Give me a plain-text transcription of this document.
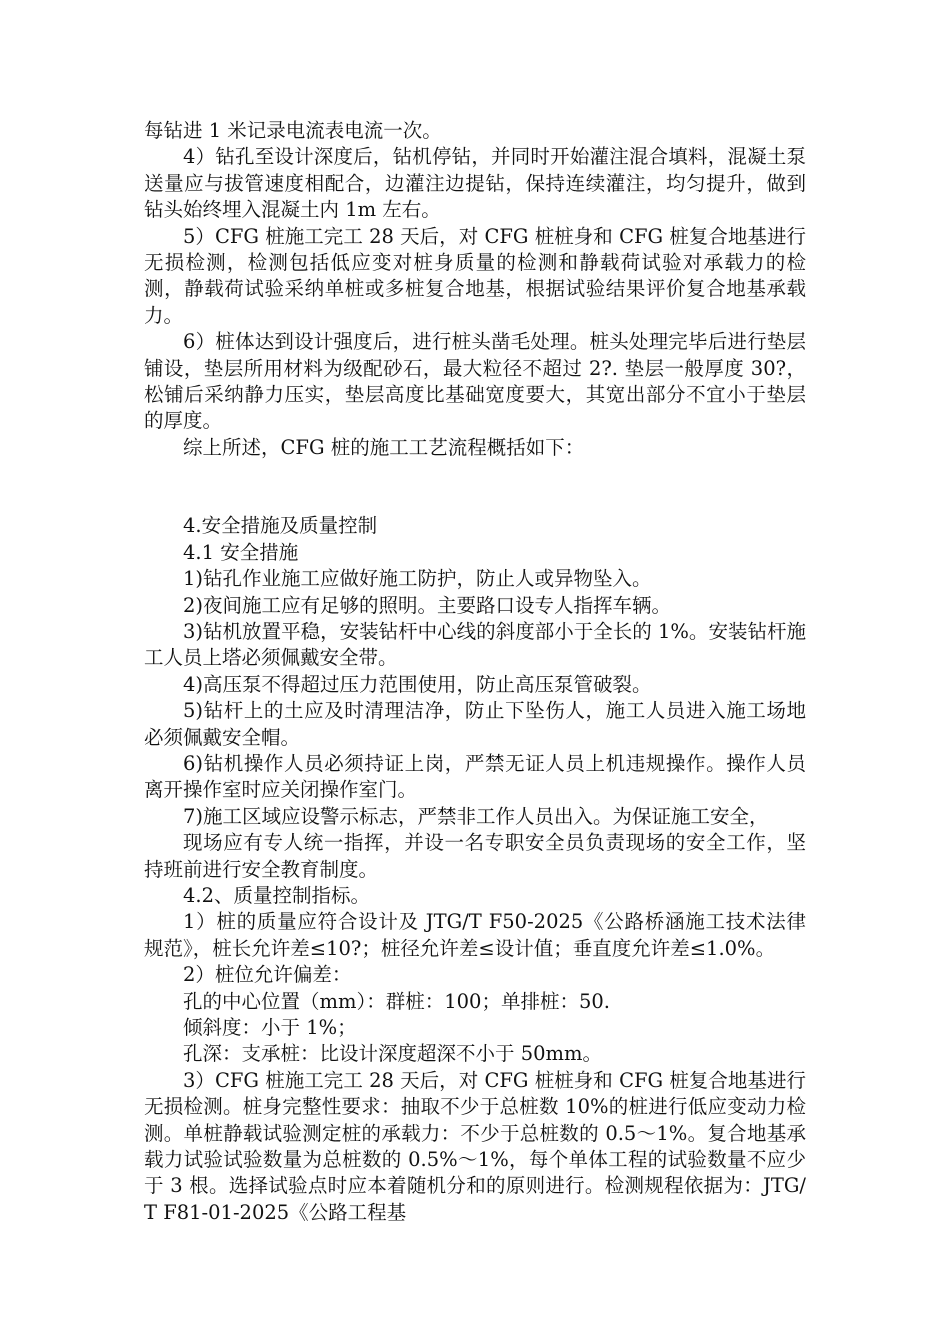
每钻进 1 米记录电流表电流一次。

4）钻孔至设计深度后，钻机停钻，并同时开始灌注混合填料，混凝土泵送量应与拔管速度相配合，边灌注边提钻，保持连续灌注，均匀提升，做到钻头始终埋入混凝土内 1m 左右。

5）CFG 桩施工完工 28 天后，对 CFG 桩桩身和 CFG 桩复合地基进行无损检测，检测包括低应变对桩身质量的检测和静载荷试验对承载力的检测，静载荷试验采纳单桩或多桩复合地基，根据试验结果评价复合地基承载力。

6）桩体达到设计强度后，进行桩头凿毛处理。桩头处理完毕后进行垫层铺设，垫层所用材料为级配砂石，最大粒径不超过 2?. 垫层一般厚度 30?，松铺后采纳静力压实，垫层高度比基础宽度要大，其宽出部分不宜小于垫层的厚度。

综上所述，CFG 桩的施工工艺流程概括如下：

4.安全措施及质量控制

4.1 安全措施

1)钻孔作业施工应做好施工防护，防止人或异物坠入。

2)夜间施工应有足够的照明。主要路口设专人指挥车辆。

3)钻机放置平稳，安装钻杆中心线的斜度部小于全长的 1%。安装钻杆施工人员上塔必须佩戴安全带。

4)高压泵不得超过压力范围使用，防止高压泵管破裂。

5)钻杆上的土应及时清理洁净，防止下坠伤人，施工人员进入施工场地必须佩戴安全帽。

6)钻机操作人员必须持证上岗，严禁无证人员上机违规操作。操作人员离开操作室时应关闭操作室门。

7)施工区域应设警示标志，严禁非工作人员出入。为保证施工安全，

现场应有专人统一指挥，并设一名专职安全员负责现场的安全工作，坚持班前进行安全教育制度。

4.2、质量控制指标。

1）桩的质量应符合设计及 JTG/T F50-2025《公路桥涵施工技术法律规范》，桩长允许差≤10?；桩径允许差≤设计值；垂直度允许差≤1.0%。

2）桩位允许偏差：

孔的中心位置（mm）：群桩：100；单排桩：50.

倾斜度：小于 1%；

孔深：支承桩：比设计深度超深不小于 50mm。

3）CFG 桩施工完工 28 天后，对 CFG 桩桩身和 CFG 桩复合地基进行无损检测。桩身完整性要求：抽取不少于总桩数 10%的桩进行低应变动力检测。单桩静载试验测定桩的承载力：不少于总桩数的 0.5～1%。复合地基承载力试验试验数量为总桩数的 0.5%～1%，每个单体工程的试验数量不应少于 3 根。选择试验点时应本着随机分和的原则进行。检测规程依据为：JTG/T F81-01-2025《公路工程基
